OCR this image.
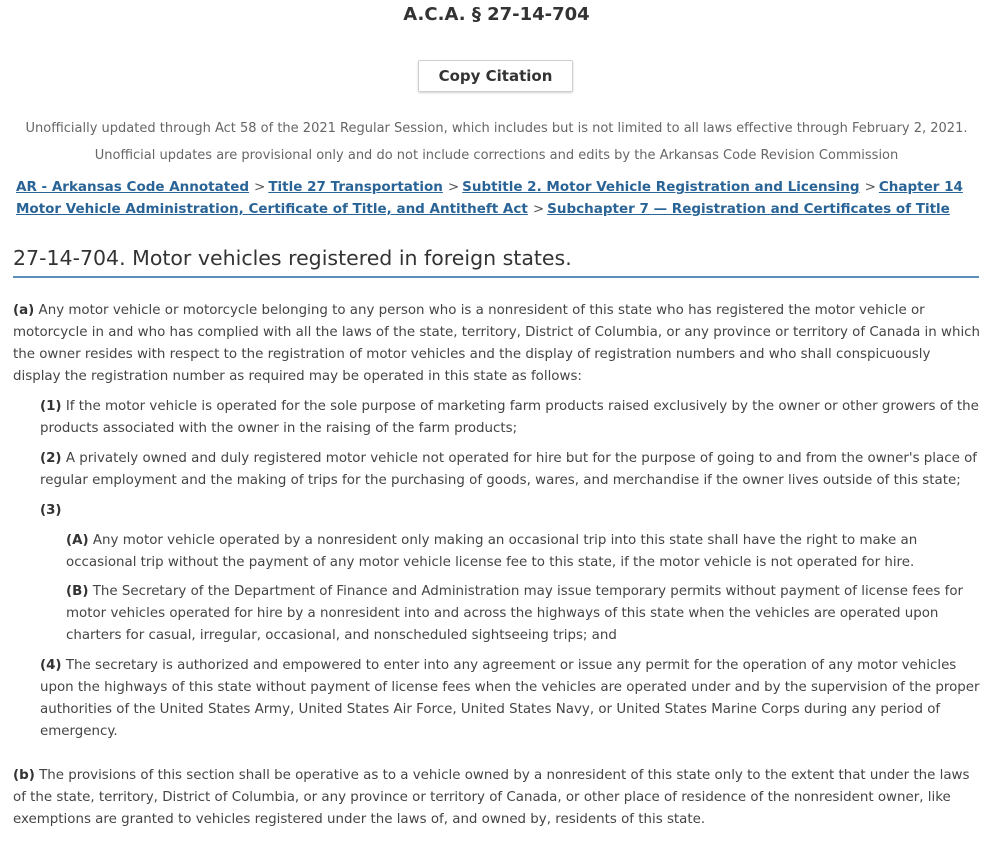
A.C.A. § 27-14-704
Copy Citation
Unofficially updated through Act 58 of the 2021 Regular Session, which includes but is not limited to all laws effective through February 2, 2021.
Unofficial updates are provisional only and do not include corrections and edits by the Arkansas Code Revision Commission
AR - Arkansas Code Annotated > Title 27 Transportation > Subtitle 2. Motor Vehicle Registration and Licensing > Chapter 14 Motor Vehicle Administration, Certificate of Title, and Antitheft Act > Subchapter 7 — Registration and Certificates of Title
27-14-704. Motor vehicles registered in foreign states.
(a) Any motor vehicle or motorcycle belonging to any person who is a nonresident of this state who has registered the motor vehicle or motorcycle in and who has complied with all the laws of the state, territory, District of Columbia, or any province or territory of Canada in which the owner resides with respect to the registration of motor vehicles and the display of registration numbers and who shall conspicuously display the registration number as required may be operated in this state as follows:
(1) If the motor vehicle is operated for the sole purpose of marketing farm products raised exclusively by the owner or other growers of the products associated with the owner in the raising of the farm products;
(2) A privately owned and duly registered motor vehicle not operated for hire but for the purpose of going to and from the owner's place of regular employment and the making of trips for the purchasing of goods, wares, and merchandise if the owner lives outside of this state;
(3)
(A) Any motor vehicle operated by a nonresident only making an occasional trip into this state shall have the right to make an occasional trip without the payment of any motor vehicle license fee to this state, if the motor vehicle is not operated for hire.
(B) The Secretary of the Department of Finance and Administration may issue temporary permits without payment of license fees for motor vehicles operated for hire by a nonresident into and across the highways of this state when the vehicles are operated upon charters for casual, irregular, occasional, and nonscheduled sightseeing trips; and
(4) The secretary is authorized and empowered to enter into any agreement or issue any permit for the operation of any motor vehicles upon the highways of this state without payment of license fees when the vehicles are operated under and by the supervision of the proper authorities of the United States Army, United States Air Force, United States Navy, or United States Marine Corps during any period of emergency.
(b) The provisions of this section shall be operative as to a vehicle owned by a nonresident of this state only to the extent that under the laws of the state, territory, District of Columbia, or any province or territory of Canada, or other place of residence of the nonresident owner, like exemptions are granted to vehicles registered under the laws of, and owned by, residents of this state.
